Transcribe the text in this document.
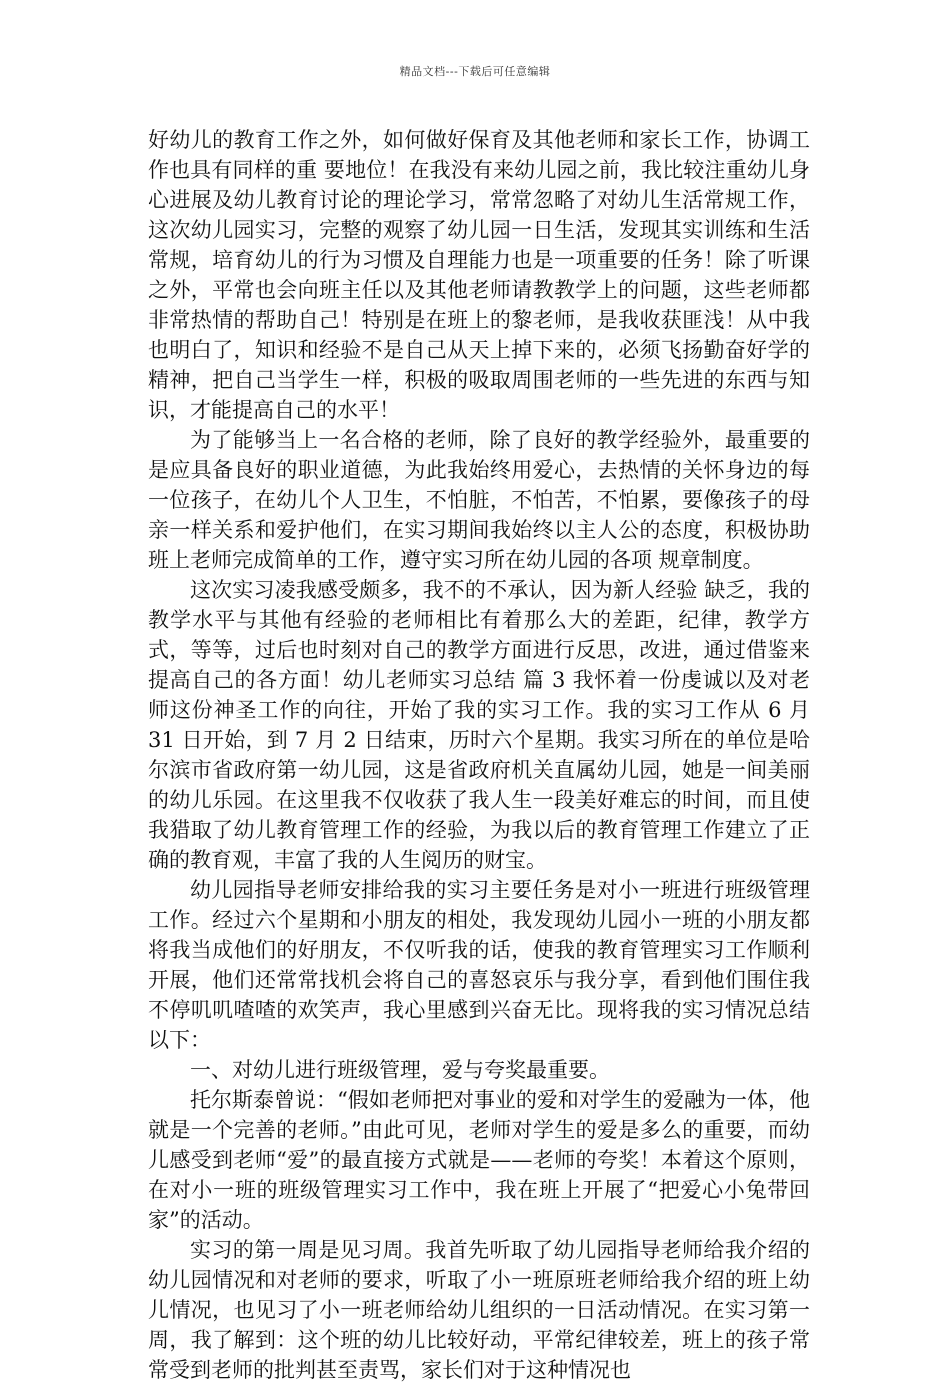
精品文档---下载后可任意编辑

好幼儿的教育工作之外，如何做好保育及其他老师和家长工作，协调工作也具有同样的重 要地位！在我没有来幼儿园之前，我比较注重幼儿身心进展及幼儿教育讨论的理论学习，常常忽略了对幼儿生活常规工作，这次幼儿园实习，完整的观察了幼儿园一日生活，发现其实训练和生活常规，培育幼儿的行为习惯及自理能力也是一项重要的任务！除了听课之外，平常也会向班主任以及其他老师请教教学上的问题，这些老师都非常热情的帮助自己！特别是在班上的黎老师，是我收获匪浅！从中我也明白了，知识和经验不是自己从天上掉下来的，必须飞扬勤奋好学的精神，把自己当学生一样，积极的吸取周围老师的一些先进的东西与知识，才能提高自己的水平！

为了能够当上一名合格的老师，除了良好的教学经验外，最重要的是应具备良好的职业道德，为此我始终用爱心，去热情的关怀身边的每一位孩子，在幼儿个人卫生，不怕脏，不怕苦，不怕累，要像孩子的母亲一样关系和爱护他们，在实习期间我始终以主人公的态度，积极协助班上老师完成简单的工作，遵守实习所在幼儿园的各项 规章制度。

这次实习凌我感受颇多，我不的不承认，因为新人经验 缺乏，我的教学水平与其他有经验的老师相比有着那么大的差距，纪律，教学方式，等等，过后也时刻对自己的教学方面进行反思，改进，通过借鉴来提高自己的各方面！幼儿老师实习总结 篇 3 我怀着一份虔诚以及对老师这份神圣工作的向往，开始了我的实习工作。我的实习工作从 6 月 31 日开始，到 7 月 2 日结束，历时六个星期。我实习所在的单位是哈尔滨市省政府第一幼儿园，这是省政府机关直属幼儿园，她是一间美丽的幼儿乐园。在这里我不仅收获了我人生一段美好难忘的时间，而且使我猎取了幼儿教育管理工作的经验，为我以后的教育管理工作建立了正确的教育观，丰富了我的人生阅历的财宝。

幼儿园指导老师安排给我的实习主要任务是对小一班进行班级管理工作。经过六个星期和小朋友的相处，我发现幼儿园小一班的小朋友都将我当成他们的好朋友，不仅听我的话，使我的教育管理实习工作顺利开展，他们还常常找机会将自己的喜怒哀乐与我分享，看到他们围住我不停叽叽喳喳的欢笑声，我心里感到兴奋无比。现将我的实习情况总结以下：

一、对幼儿进行班级管理，爱与夸奖最重要。

托尔斯泰曾说：“假如老师把对事业的爱和对学生的爱融为一体，他就是一个完善的老师。”由此可见，老师对学生的爱是多么的重要，而幼儿感受到老师“爱”的最直接方式就是——老师的夸奖！本着这个原则，在对小一班的班级管理实习工作中，我在班上开展了“把爱心小兔带回家”的活动。

实习的第一周是见习周。我首先听取了幼儿园指导老师给我介绍的幼儿园情况和对老师的要求，听取了小一班原班老师给我介绍的班上幼儿情况，也见习了小一班老师给幼儿组织的一日活动情况。在实习第一周，我了解到：这个班的幼儿比较好动，平常纪律较差，班上的孩子常常受到老师的批判甚至责骂，家长们对于这种情况也
